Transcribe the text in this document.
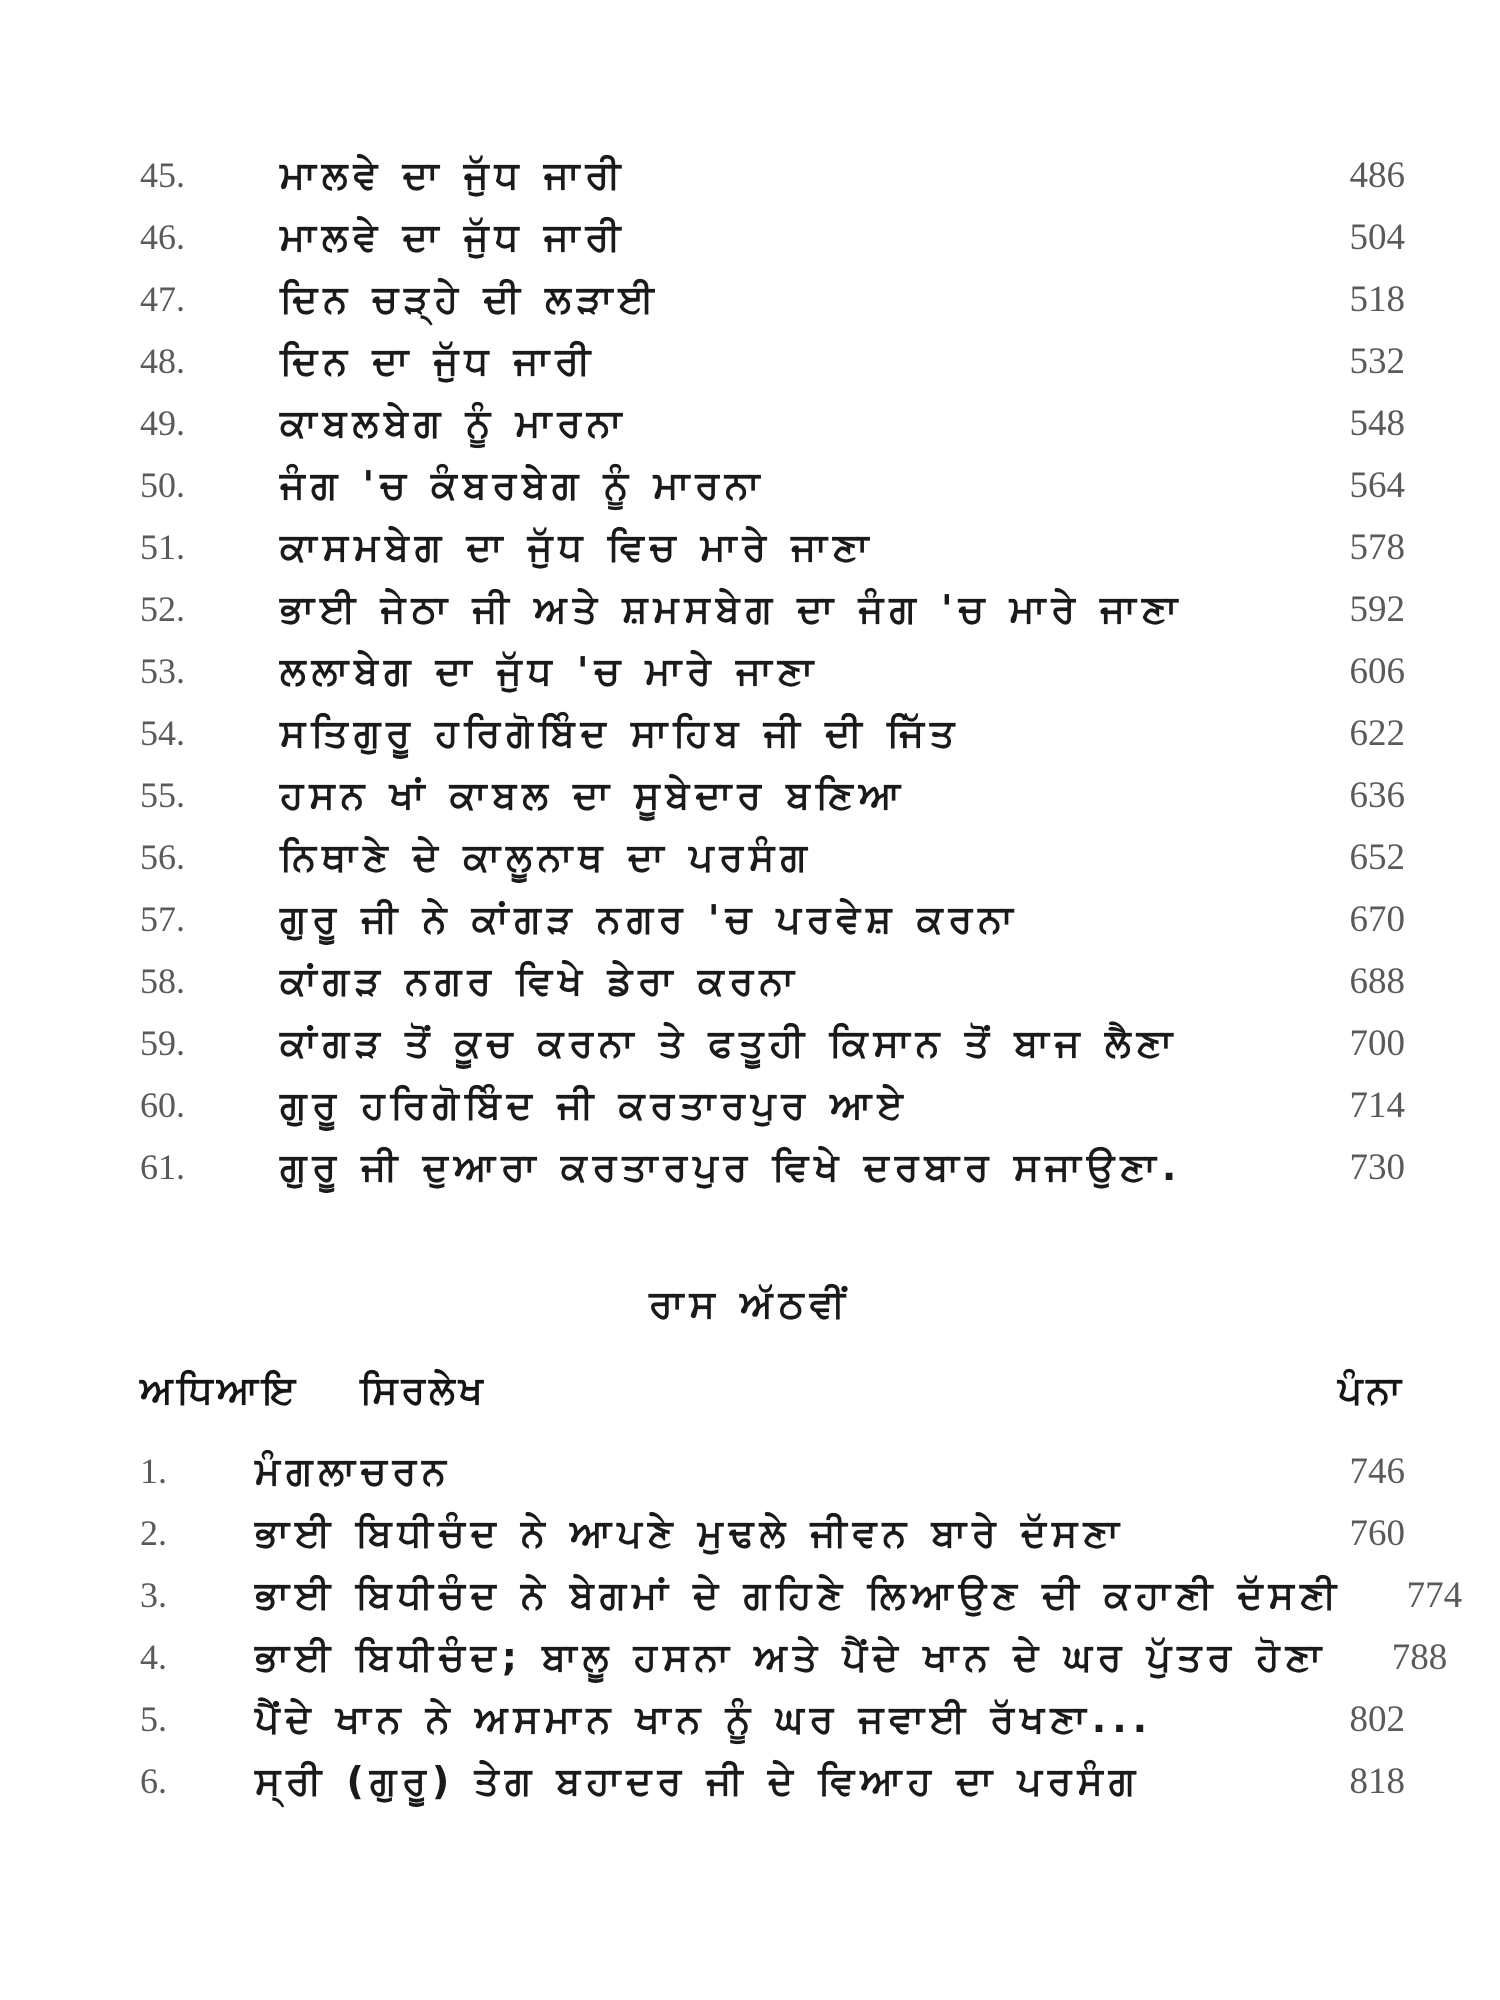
45.	ਮਾਲਵੇ ਦਾ ਜੁੱਧ ਜਾਰੀ	486
46.	ਮਾਲਵੇ ਦਾ ਜੁੱਧ ਜਾਰੀ	504
47.	ਦਿਨ ਚੜ੍ਹੇ ਦੀ ਲੜਾਈ	518
48.	ਦਿਨ ਦਾ ਜੁੱਧ ਜਾਰੀ	532
49.	ਕਾਬਲਬੇਗ ਨੂੰ ਮਾਰਨਾ	548
50.	ਜੰਗ 'ਚ ਕੰਬਰਬੇਗ ਨੂੰ ਮਾਰਨਾ	564
51.	ਕਾਸਮਬੇਗ ਦਾ ਜੁੱਧ ਵਿਚ ਮਾਰੇ ਜਾਣਾ	578
52.	ਭਾਈ ਜੇਠਾ ਜੀ ਅਤੇ ਸ਼ਮਸਬੇਗ ਦਾ ਜੰਗ 'ਚ ਮਾਰੇ ਜਾਣਾ	592
53.	ਲਲਾਬੇਗ ਦਾ ਜੁੱਧ 'ਚ ਮਾਰੇ ਜਾਣਾ	606
54.	ਸਤਿਗੁਰੂ ਹਰਿਗੋਬਿੰਦ ਸਾਹਿਬ ਜੀ ਦੀ ਜਿੱਤ	622
55.	ਹਸਨ ਖਾਂ ਕਾਬਲ ਦਾ ਸੂਬੇਦਾਰ ਬਣਿਆ	636
56.	ਨਿਥਾਣੇ ਦੇ ਕਾਲੂਨਾਥ ਦਾ ਪਰਸੰਗ	652
57.	ਗੁਰੂ ਜੀ ਨੇ ਕਾਂਗੜ ਨਗਰ 'ਚ ਪਰਵੇਸ਼ ਕਰਨਾ	670
58.	ਕਾਂਗੜ ਨਗਰ ਵਿਖੇ ਡੇਰਾ ਕਰਨਾ	688
59.	ਕਾਂਗੜ ਤੋਂ ਕੂਚ ਕਰਨਾ ਤੇ ਫਤੂਹੀ ਕਿਸਾਨ ਤੋਂ ਬਾਜ ਲੈਣਾ	700
60.	ਗੁਰੂ ਹਰਿਗੋਬਿੰਦ ਜੀ ਕਰਤਾਰਪੁਰ ਆਏ	714
61.	ਗੁਰੂ ਜੀ ਦੁਆਰਾ ਕਰਤਾਰਪੁਰ ਵਿਖੇ ਦਰਬਾਰ ਸਜਾਉਣਾ.	730
ਰਾਸ ਅੱਠਵੀਂ
ਅਧਿਆਇ ਸਿਰਲੇਖ	ਪੰਨਾ
1.	ਮੰਗਲਾਚਰਨ	746
2.	ਭਾਈ ਬਿਧੀਚੰਦ ਨੇ ਆਪਣੇ ਮੁਢਲੇ ਜੀਵਨ ਬਾਰੇ ਦੱਸਣਾ	760
3.	ਭਾਈ ਬਿਧੀਚੰਦ ਨੇ ਬੇਗਮਾਂ ਦੇ ਗਹਿਣੇ ਲਿਆਉਣ ਦੀ ਕਹਾਣੀ ਦੱਸਣੀ	774
4.	ਭਾਈ ਬਿਧੀਚੰਦ; ਬਾਲੂ ਹਸਨਾ ਅਤੇ ਪੈਂਦੇ ਖਾਨ ਦੇ ਘਰ ਪੁੱਤਰ ਹੋਣਾ	788
5.	ਪੈਂਦੇ ਖਾਨ ਨੇ ਅਸਮਾਨ ਖਾਨ ਨੂੰ ਘਰ ਜਵਾਈ ਰੱਖਣਾ...	802
6.	ਸ੍ਰੀ (ਗੁਰੂ) ਤੇਗ ਬਹਾਦਰ ਜੀ ਦੇ ਵਿਆਹ ਦਾ ਪਰਸੰਗ	818
